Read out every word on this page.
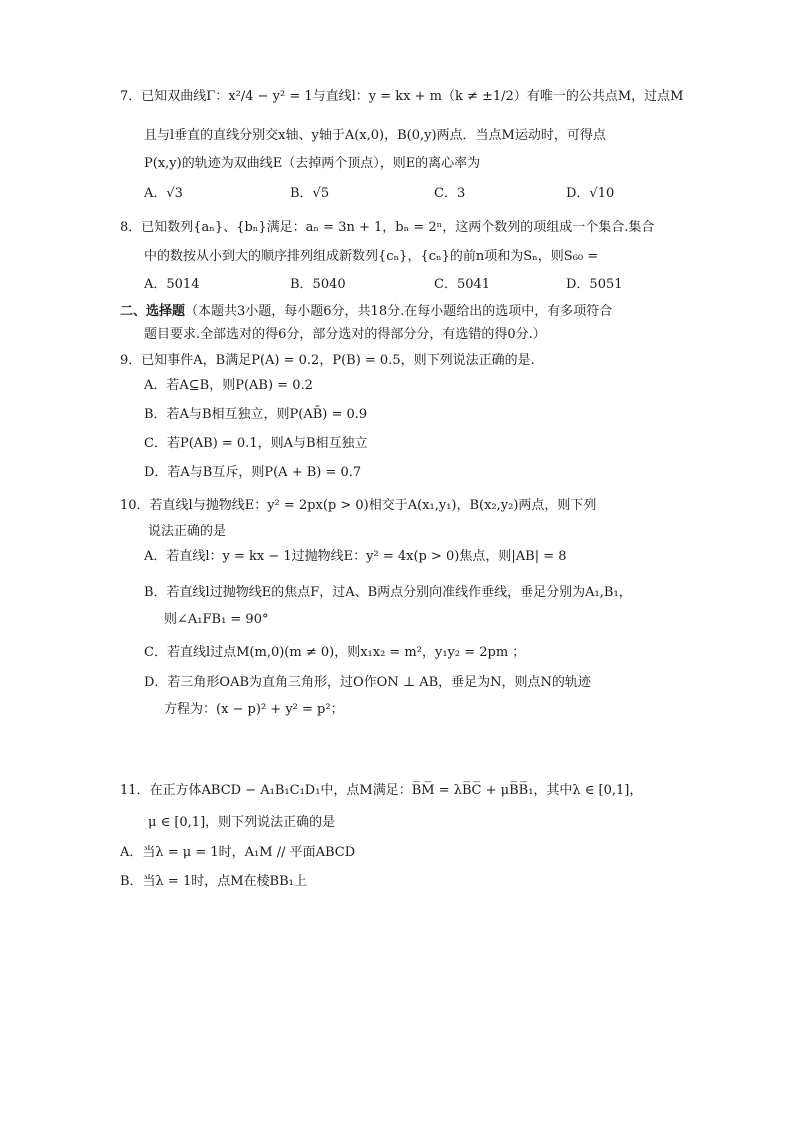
7．已知双曲线Γ：x²/4 − y² = 1与直线l：y = kx + m（k ≠ ±1/2）有唯一的公共点M，过点M
且与l垂直的直线分别交x轴、y轴于A(x,0)，B(0,y)两点．当点M运动时，可得点
P(x,y)的轨迹为双曲线E（去掉两个顶点），则E的离心率为
A．√3	B．√5	C．3	D．√10
8．已知数列{aₙ}、{bₙ}满足：aₙ = 3n + 1，bₙ = 2ⁿ，这两个数列的项组成一个集合.集合
中的数按从小到大的顺序排列组成新数列{cₙ}，{cₙ}的前n项和为Sₙ，则S₆₀ =
A．5014	B．5040	C．5041	D．5051
二、选择题（本题共3小题，每小题6分，共18分.在每小题给出的选项中，有多项符合
题目要求.全部选对的得6分，部分选对的得部分分，有选错的得0分.）
9．已知事件A，B满足P(A) = 0.2，P(B) = 0.5，则下列说法正确的是.
A．若A⊆B，则P(AB) = 0.2
B．若A与B相互独立，则P(AB̄) = 0.9
C．若P(AB) = 0.1，则A与B相互独立
D．若A与B互斥，则P(A + B) = 0.7
10．若直线l与抛物线E：y² = 2px(p > 0)相交于A(x₁,y₁)，B(x₂,y₂)两点，则下列
说法正确的是
A．若直线l：y = kx − 1过抛物线E：y² = 4x(p > 0)焦点，则|AB| = 8
B．若直线l过抛物线E的焦点F，过A、B两点分别向准线作垂线，垂足分别为A₁,B₁，
则∠A₁FB₁ = 90°
C．若直线l过点M(m,0)(m ≠ 0)，则x₁x₂ = m²，y₁y₂ = 2pm ；
D．若三角形OAB为直角三角形，过O作ON ⊥ AB，垂足为N，则点N的轨迹
方程为：(x − p)² + y² = p²；
11．在正方体ABCD − A₁B₁C₁D₁中，点M满足：B̅M̅ = λB̅C̅ + μB̅B̅₁，其中λ ∈ [0,1]，
μ ∈ [0,1]，则下列说法正确的是
A．当λ = μ = 1时，A₁M // 平面ABCD
B．当λ = 1时，点M在棱BB₁上
